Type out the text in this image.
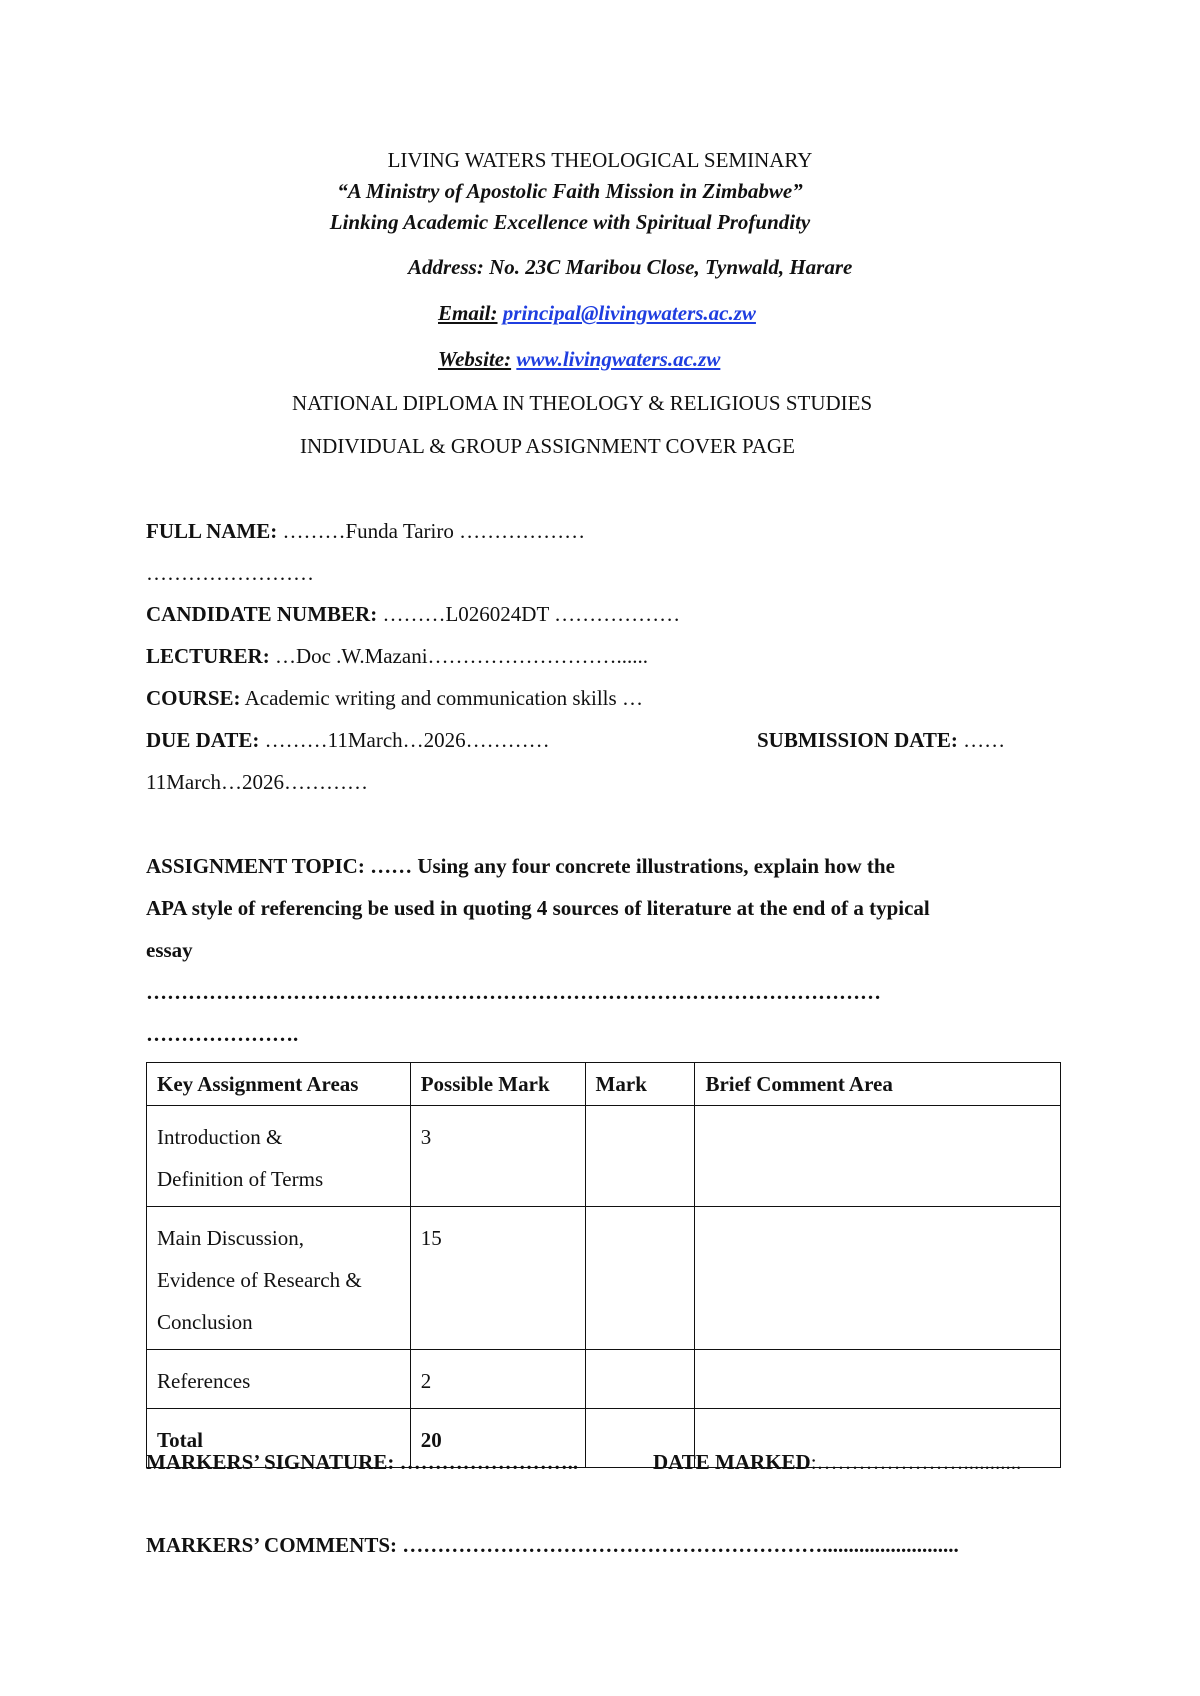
LIVING WATERS THEOLOGICAL SEMINARY
“A Ministry of Apostolic Faith Mission in Zimbabwe”
Linking Academic Excellence with Spiritual Profundity
Address: No. 23C Maribou Close, Tynwald, Harare
Email: principal@livingwaters.ac.zw
Website: www.livingwaters.ac.zw
NATIONAL DIPLOMA IN THEOLOGY & RELIGIOUS STUDIES
INDIVIDUAL & GROUP ASSIGNMENT COVER PAGE
FULL NAME: ………Funda Tariro ………………
……………………
CANDIDATE NUMBER: ………L026024DT ………………
LECTURER: …Doc .W.Mazani………………………......
COURSE: Academic writing and communication skills …
DUE DATE: ………11March…2026…………	SUBMISSION DATE: ……
11March…2026…………
ASSIGNMENT TOPIC: …… Using any four concrete illustrations, explain how the
APA style of referencing be used in quoting 4 sources of literature at the end of a typical
essay
……………………………………………………………………………………………
………………….
Key Assignment Areas	Possible Mark	Mark	Brief Comment Area
Introduction &
Definition of Terms	3		
Main Discussion,
Evidence of Research &
Conclusion	15		
References	2		
Total	20		
MARKERS’ SIGNATURE: ……………………..	DATE MARKED:…………………...........
MARKERS’ COMMENTS: ……………………………………………………..........................
